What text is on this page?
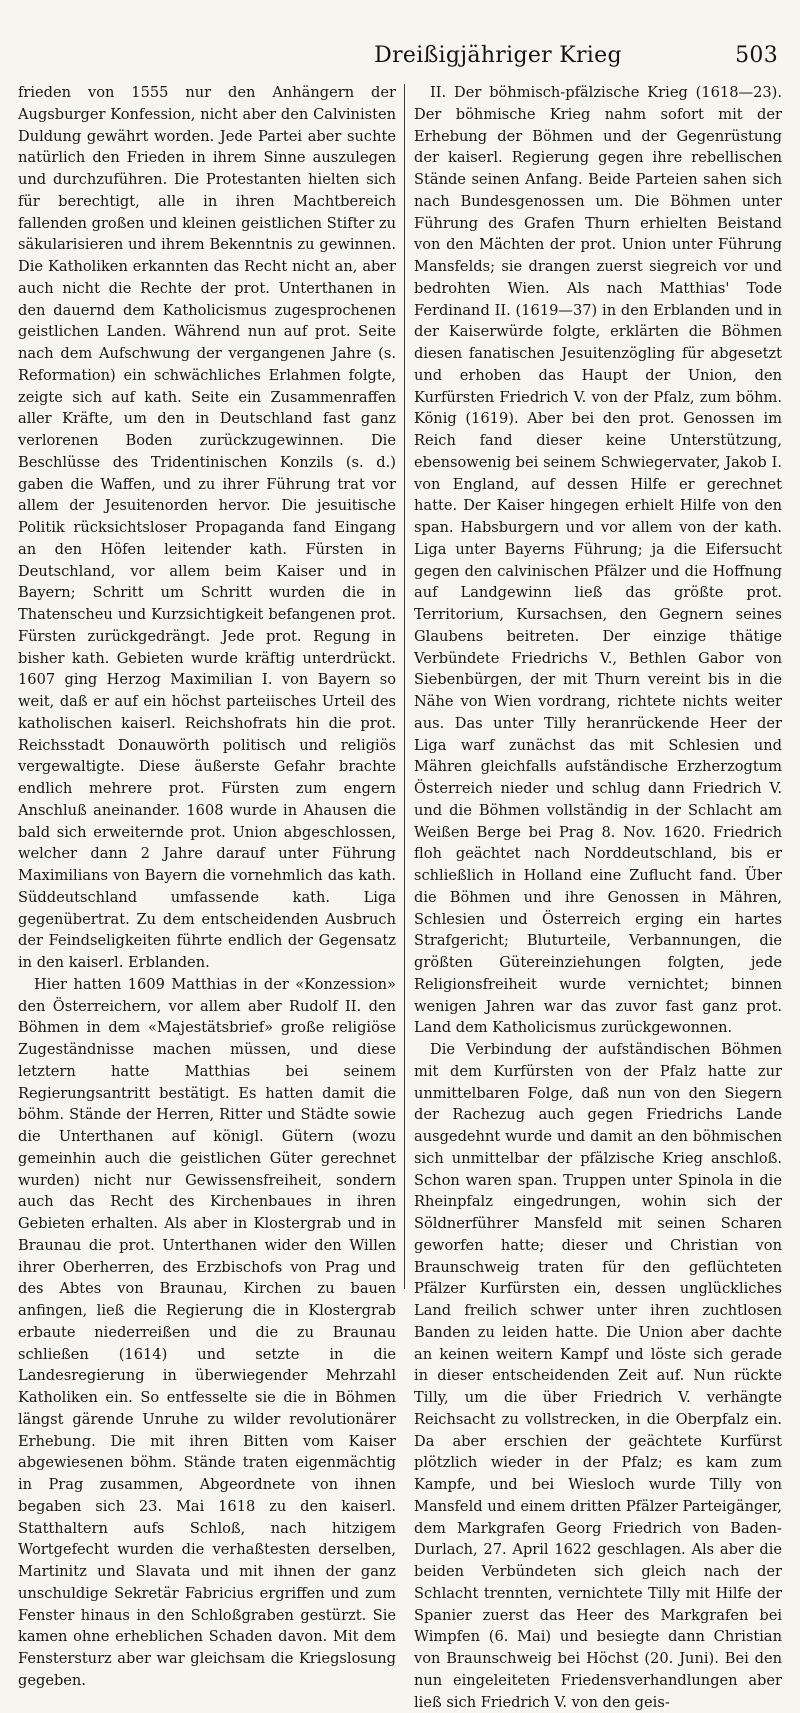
Dreißigjähriger Krieg	503

frieden von 1555 nur den Anhängern der Augsburger Konfession, nicht aber den Calvinisten Duldung gewährt worden. Jede Partei aber suchte natürlich den Frieden in ihrem Sinne auszulegen und durchzuführen. Die Protestanten hielten sich für berechtigt, alle in ihren Machtbereich fallenden großen und kleinen geistlichen Stifter zu säkularisieren und ihrem Bekenntnis zu gewinnen. Die Katholiken erkannten das Recht nicht an, aber auch nicht die Rechte der prot. Unterthanen in den dauernd dem Katholicismus zugesprochenen geistlichen Landen. Während nun auf prot. Seite nach dem Aufschwung der vergangenen Jahre (s. Reformation) ein schwächliches Erlahmen folgte, zeigte sich auf kath. Seite ein Zusammenraffen aller Kräfte, um den in Deutschland fast ganz verlorenen Boden zurückzugewinnen. Die Beschlüsse des Tridentinischen Konzils (s. d.) gaben die Waffen, und zu ihrer Führung trat vor allem der Jesuitenorden hervor. Die jesuitische Politik rücksichtsloser Propaganda fand Eingang an den Höfen leitender kath. Fürsten in Deutschland, vor allem beim Kaiser und in Bayern; Schritt um Schritt wurden die in Thatenscheu und Kurzsichtigkeit befangenen prot. Fürsten zurückgedrängt. Jede prot. Regung in bisher kath. Gebieten wurde kräftig unterdrückt. 1607 ging Herzog Maximilian I. von Bayern so weit, daß er auf ein höchst parteiisches Urteil des katholischen kaiserl. Reichshofrats hin die prot. Reichsstadt Donauwörth politisch und religiös vergewaltigte. Diese äußerste Gefahr brachte endlich mehrere prot. Fürsten zum engern Anschluß aneinander. 1608 wurde in Ahausen die bald sich erweiternde prot. Union abgeschlossen, welcher dann 2 Jahre darauf unter Führung Maximilians von Bayern die vornehmlich das kath. Süddeutschland umfassende kath. Liga gegenübertrat. Zu dem entscheidenden Ausbruch der Feindseligkeiten führte endlich der Gegensatz in den kaiserl. Erblanden.

Hier hatten 1609 Matthias in der «Konzession» den Österreichern, vor allem aber Rudolf II. den Böhmen in dem «Majestätsbrief» große religiöse Zugeständnisse machen müssen, und diese letztern hatte Matthias bei seinem Regierungsantritt bestätigt. Es hatten damit die böhm. Stände der Herren, Ritter und Städte sowie die Unterthanen auf königl. Gütern (wozu gemeinhin auch die geistlichen Güter gerechnet wurden) nicht nur Gewissensfreiheit, sondern auch das Recht des Kirchenbaues in ihren Gebieten erhalten. Als aber in Klostergrab und in Braunau die prot. Unterthanen wider den Willen ihrer Oberherren, des Erzbischofs von Prag und des Abtes von Braunau, Kirchen zu bauen anfingen, ließ die Regierung die in Klostergrab erbaute niederreißen und die zu Braunau schließen (1614) und setzte in die Landesregierung in überwiegender Mehrzahl Katholiken ein. So entfesselte sie die in Böhmen längst gärende Unruhe zu wilder revolutionärer Erhebung. Die mit ihren Bitten vom Kaiser abgewiesenen böhm. Stände traten eigenmächtig in Prag zusammen, Abgeordnete von ihnen begaben sich 23. Mai 1618 zu den kaiserl. Statthaltern aufs Schloß, nach hitzigem Wortgefecht wurden die verhaßtesten derselben, Martinitz und Slavata und mit ihnen der ganz unschuldige Sekretär Fabricius ergriffen und zum Fenster hinaus in den Schloßgraben gestürzt. Sie kamen ohne erheblichen Schaden davon. Mit dem Fenstersturz aber war gleichsam die Kriegslosung gegeben.

II. Der böhmisch-pfälzische Krieg (1618—23). Der böhmische Krieg nahm sofort mit der Erhebung der Böhmen und der Gegenrüstung der kaiserl. Regierung gegen ihre rebellischen Stände seinen Anfang. Beide Parteien sahen sich nach Bundesgenossen um. Die Böhmen unter Führung des Grafen Thurn erhielten Beistand von den Mächten der prot. Union unter Führung Mansfelds; sie drangen zuerst siegreich vor und bedrohten Wien. Als nach Matthias' Tode Ferdinand II. (1619—37) in den Erblanden und in der Kaiserwürde folgte, erklärten die Böhmen diesen fanatischen Jesuitenzögling für abgesetzt und erhoben das Haupt der Union, den Kurfürsten Friedrich V. von der Pfalz, zum böhm. König (1619). Aber bei den prot. Genossen im Reich fand dieser keine Unterstützung, ebensowenig bei seinem Schwiegervater, Jakob I. von England, auf dessen Hilfe er gerechnet hatte. Der Kaiser hingegen erhielt Hilfe von den span. Habsburgern und vor allem von der kath. Liga unter Bayerns Führung; ja die Eifersucht gegen den calvinischen Pfälzer und die Hoffnung auf Landgewinn ließ das größte prot. Territorium, Kursachsen, den Gegnern seines Glaubens beitreten. Der einzige thätige Verbündete Friedrichs V., Bethlen Gabor von Siebenbürgen, der mit Thurn vereint bis in die Nähe von Wien vordrang, richtete nichts weiter aus. Das unter Tilly heranrückende Heer der Liga warf zunächst das mit Schlesien und Mähren gleichfalls aufständische Erzherzogtum Österreich nieder und schlug dann Friedrich V. und die Böhmen vollständig in der Schlacht am Weißen Berge bei Prag 8. Nov. 1620. Friedrich floh geächtet nach Norddeutschland, bis er schließlich in Holland eine Zuflucht fand. Über die Böhmen und ihre Genossen in Mähren, Schlesien und Österreich erging ein hartes Strafgericht; Bluturteile, Verbannungen, die größten Gütereinziehungen folgten, jede Religionsfreiheit wurde vernichtet; binnen wenigen Jahren war das zuvor fast ganz prot. Land dem Katholicismus zurückgewonnen.

Die Verbindung der aufständischen Böhmen mit dem Kurfürsten von der Pfalz hatte zur unmittelbaren Folge, daß nun von den Siegern der Rachezug auch gegen Friedrichs Lande ausgedehnt wurde und damit an den böhmischen sich unmittelbar der pfälzische Krieg anschloß. Schon waren span. Truppen unter Spinola in die Rheinpfalz eingedrungen, wohin sich der Söldnerführer Mansfeld mit seinen Scharen geworfen hatte; dieser und Christian von Braunschweig traten für den geflüchteten Pfälzer Kurfürsten ein, dessen unglückliches Land freilich schwer unter ihren zuchtlosen Banden zu leiden hatte. Die Union aber dachte an keinen weitern Kampf und löste sich gerade in dieser entscheidenden Zeit auf. Nun rückte Tilly, um die über Friedrich V. verhängte Reichsacht zu vollstrecken, in die Oberpfalz ein. Da aber erschien der geächtete Kurfürst plötzlich wieder in der Pfalz; es kam zum Kampfe, und bei Wiesloch wurde Tilly von Mansfeld und einem dritten Pfälzer Parteigänger, dem Markgrafen Georg Friedrich von Baden-Durlach, 27. April 1622 geschlagen. Als aber die beiden Verbündeten sich gleich nach der Schlacht trennten, vernichtete Tilly mit Hilfe der Spanier zuerst das Heer des Markgrafen bei Wimpfen (6. Mai) und besiegte dann Christian von Braunschweig bei Höchst (20. Juni). Bei den nun eingeleiteten Friedensverhandlungen aber ließ sich Friedrich V. von den geis-
